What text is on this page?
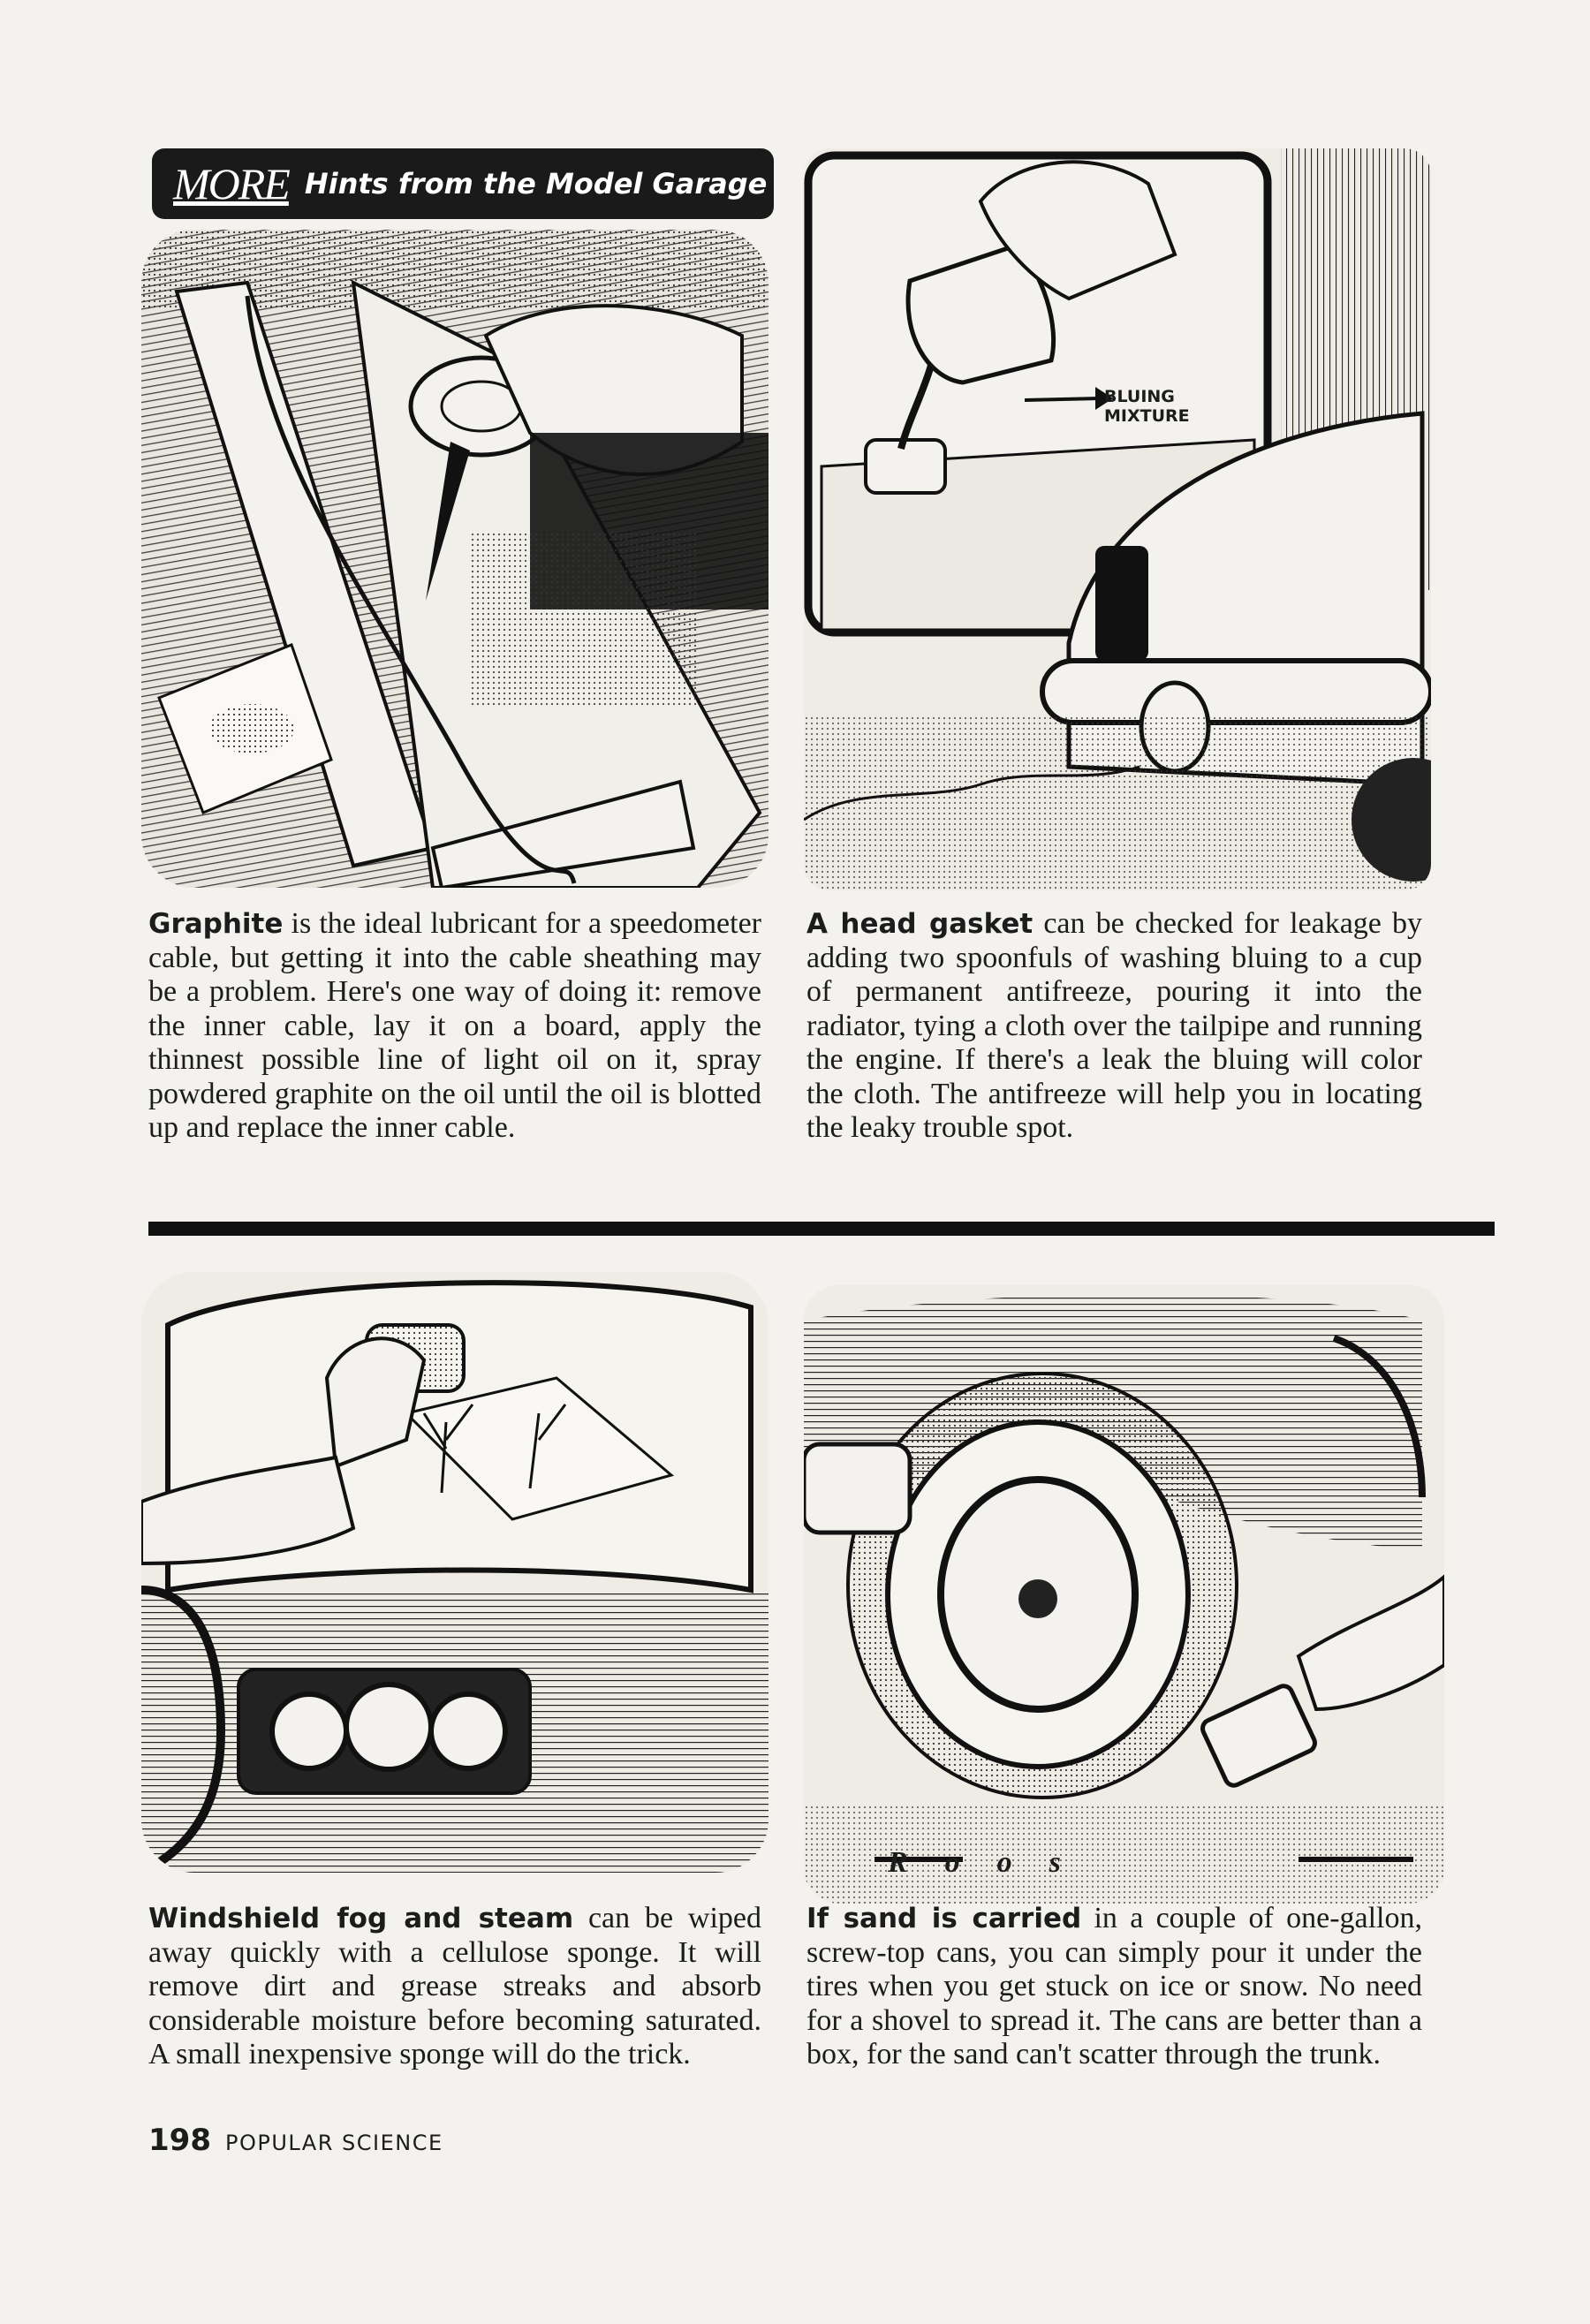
MORE Hints from the Model Garage
BLUING
MIXTURE
Graphite is the ideal lubricant for a speedometer cable, but getting it into the cable sheathing may be a problem. Here's one way of doing it: remove the inner cable, lay it on a board, apply the thinnest possible line of light oil on it, spray powdered graphite on the oil until the oil is blotted up and replace the inner cable.
A head gasket can be checked for leakage by adding two spoonfuls of washing bluing to a cup of permanent antifreeze, pouring it into the radiator, tying a cloth over the tailpipe and running the engine. If there's a leak the bluing will color the cloth. The antifreeze will help you in locating the leaky trouble spot.
Roos
Windshield fog and steam can be wiped away quickly with a cellulose sponge. It will remove dirt and grease streaks and absorb considerable moisture before becoming saturated. A small inexpensive sponge will do the trick.
If sand is carried in a couple of one-gallon, screw-top cans, you can simply pour it under the tires when you get stuck on ice or snow. No need for a shovel to spread it. The cans are better than a box, for the sand can't scatter through the trunk.
198 POPULAR SCIENCE
